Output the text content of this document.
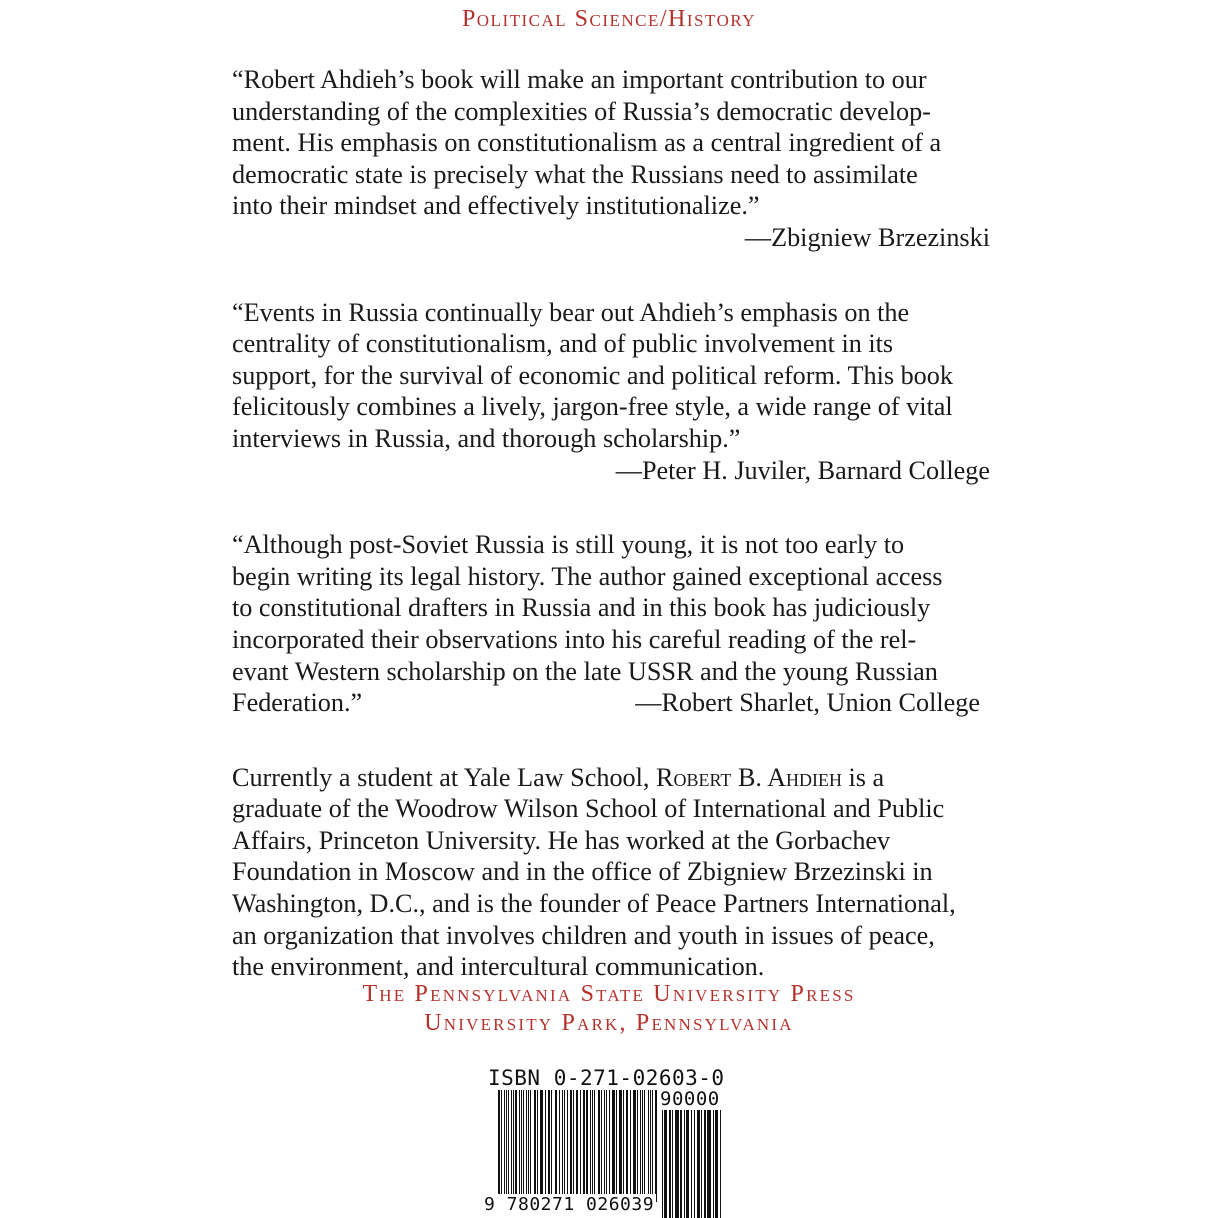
Political Science/History

“Robert Ahdieh’s book will make an important contribution to our
understanding of the complexities of Russia’s democratic develop-
ment. His emphasis on constitutionalism as a central ingredient of a
democratic state is precisely what the Russians need to assimilate
into their mindset and effectively institutionalize.”

—Zbigniew Brzezinski

“Events in Russia continually bear out Ahdieh’s emphasis on the
centrality of constitutionalism, and of public involvement in its
support, for the survival of economic and political reform. This book
felicitously combines a lively, jargon-free style, a wide range of vital
interviews in Russia, and thorough scholarship.”

—Peter H. Juviler, Barnard College

“Although post-Soviet Russia is still young, it is not too early to
begin writing its legal history. The author gained exceptional access
to constitutional drafters in Russia and in this book has judiciously
incorporated their observations into his careful reading of the rel-
evant Western scholarship on the late USSR and the young Russian

Federation.”	—Robert Sharlet, Union College

Currently a student at Yale Law School, Robert B. Ahdieh is a
graduate of the Woodrow Wilson School of International and Public
Affairs, Princeton University. He has worked at the Gorbachev
Foundation in Moscow and in the office of Zbigniew Brzezinski in
Washington, D.C., and is the founder of Peace Partners International,
an organization that involves children and youth in issues of peace,
the environment, and intercultural communication.

The Pennsylvania State University Press
University Park, Pennsylvania
ISBN 0-271-02603-0
90000
9 780271 026039
